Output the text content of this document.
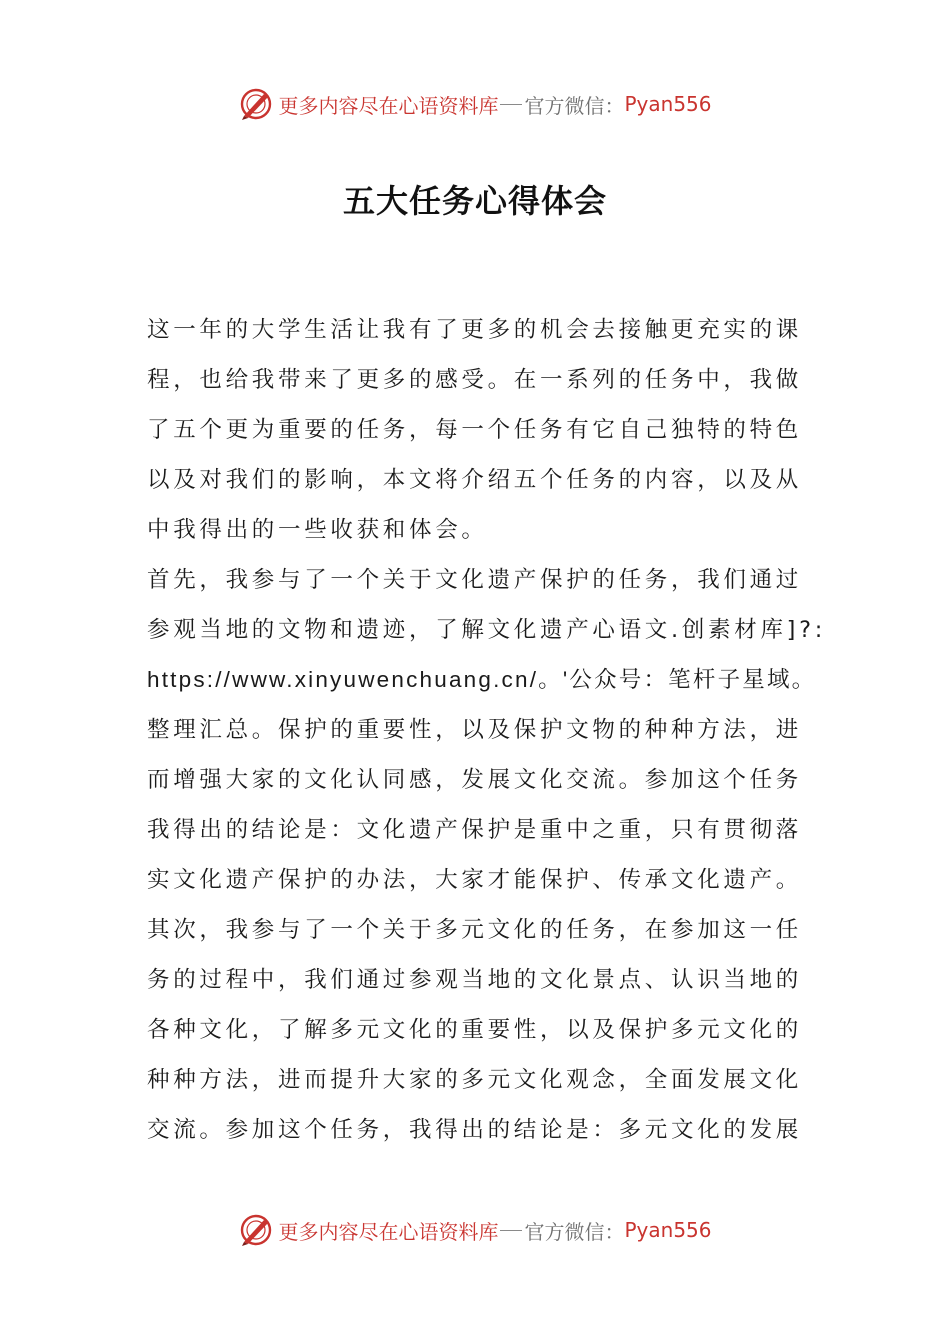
更多内容尽在心语资料库 官方微信： Pyan556
五大任务心得体会
这一年的大学生活让我有了更多的机会去接触更充实的课
程，也给我带来了更多的感受。在一系列的任务中，我做
了五个更为重要的任务，每一个任务有它自己独特的特色
以及对我们的影响，本文将介绍五个任务的内容，以及从
中我得出的一些收获和体会。
首先，我参与了一个关于文化遗产保护的任务，我们通过
参观当地的文物和遗迹，了解文化遗产心语文.创素材库]?:
https://www.xinyuwenchuang.cn/。'公众号：笔杆子星域。
整理汇总。保护的重要性，以及保护文物的种种方法，进
而增强大家的文化认同感，发展文化交流。参加这个任务
我得出的结论是：文化遗产保护是重中之重，只有贯彻落
实文化遗产保护的办法，大家才能保护、传承文化遗产。
其次，我参与了一个关于多元文化的任务，在参加这一任
务的过程中，我们通过参观当地的文化景点、认识当地的
各种文化，了解多元文化的重要性，以及保护多元文化的
种种方法，进而提升大家的多元文化观念，全面发展文化
交流。参加这个任务，我得出的结论是：多元文化的发展
更多内容尽在心语资料库 官方微信： Pyan556
